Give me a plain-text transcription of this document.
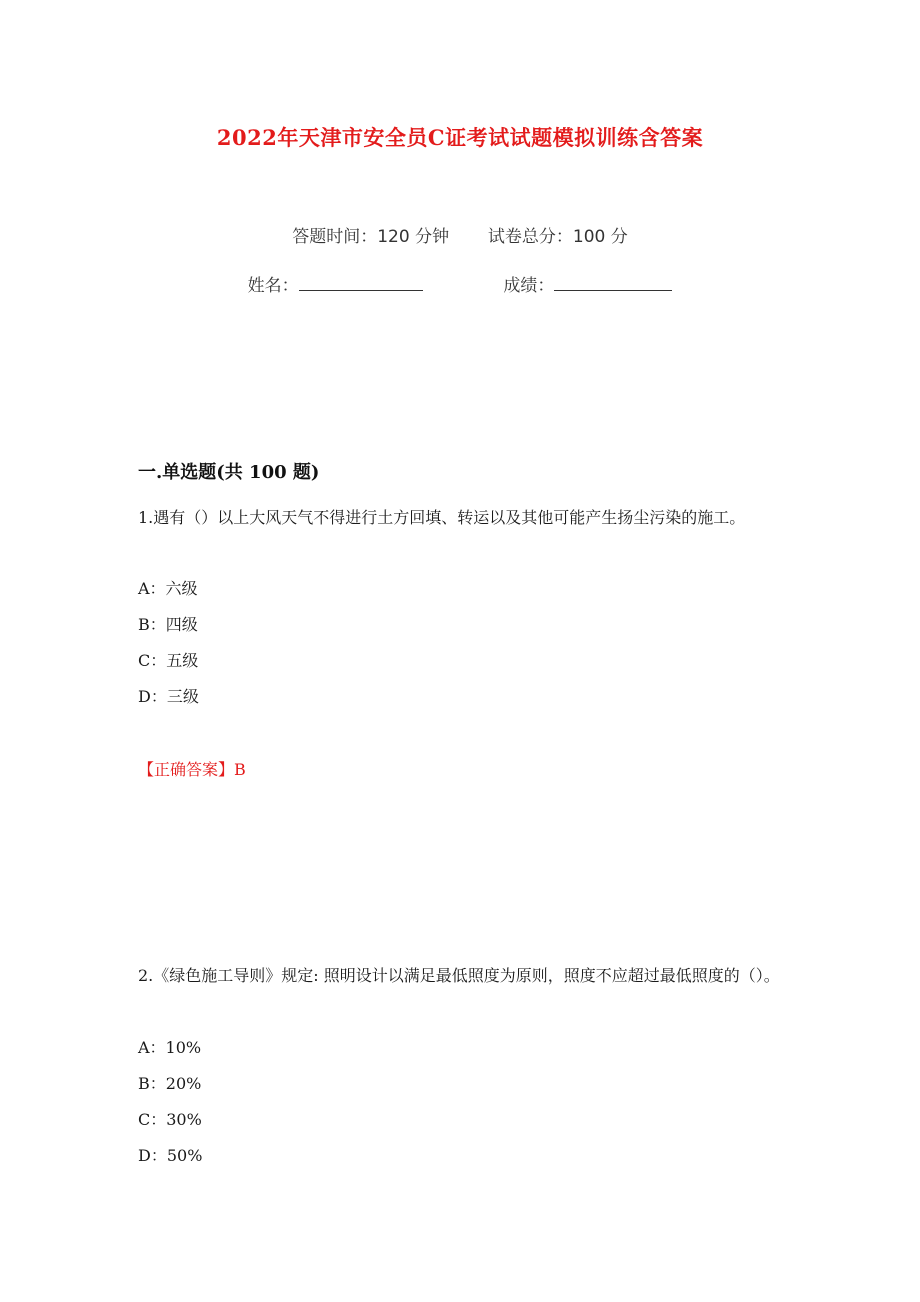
2022年天津市安全员C证考试试题模拟训练含答案
答题时间：120 分钟 试卷总分：100 分
姓名：	成绩：
一.单选题(共 100 题)
1.遇有（）以上大风天气不得进行土方回填、转运以及其他可能产生扬尘污染的施工。
A：六级
B：四级
C：五级
D：三级
【正确答案】B
2.《绿色施工导则》规定: 照明设计以满足最低照度为原则，照度不应超过最低照度的（）。
A：10%
B：20%
C：30%
D：50%
